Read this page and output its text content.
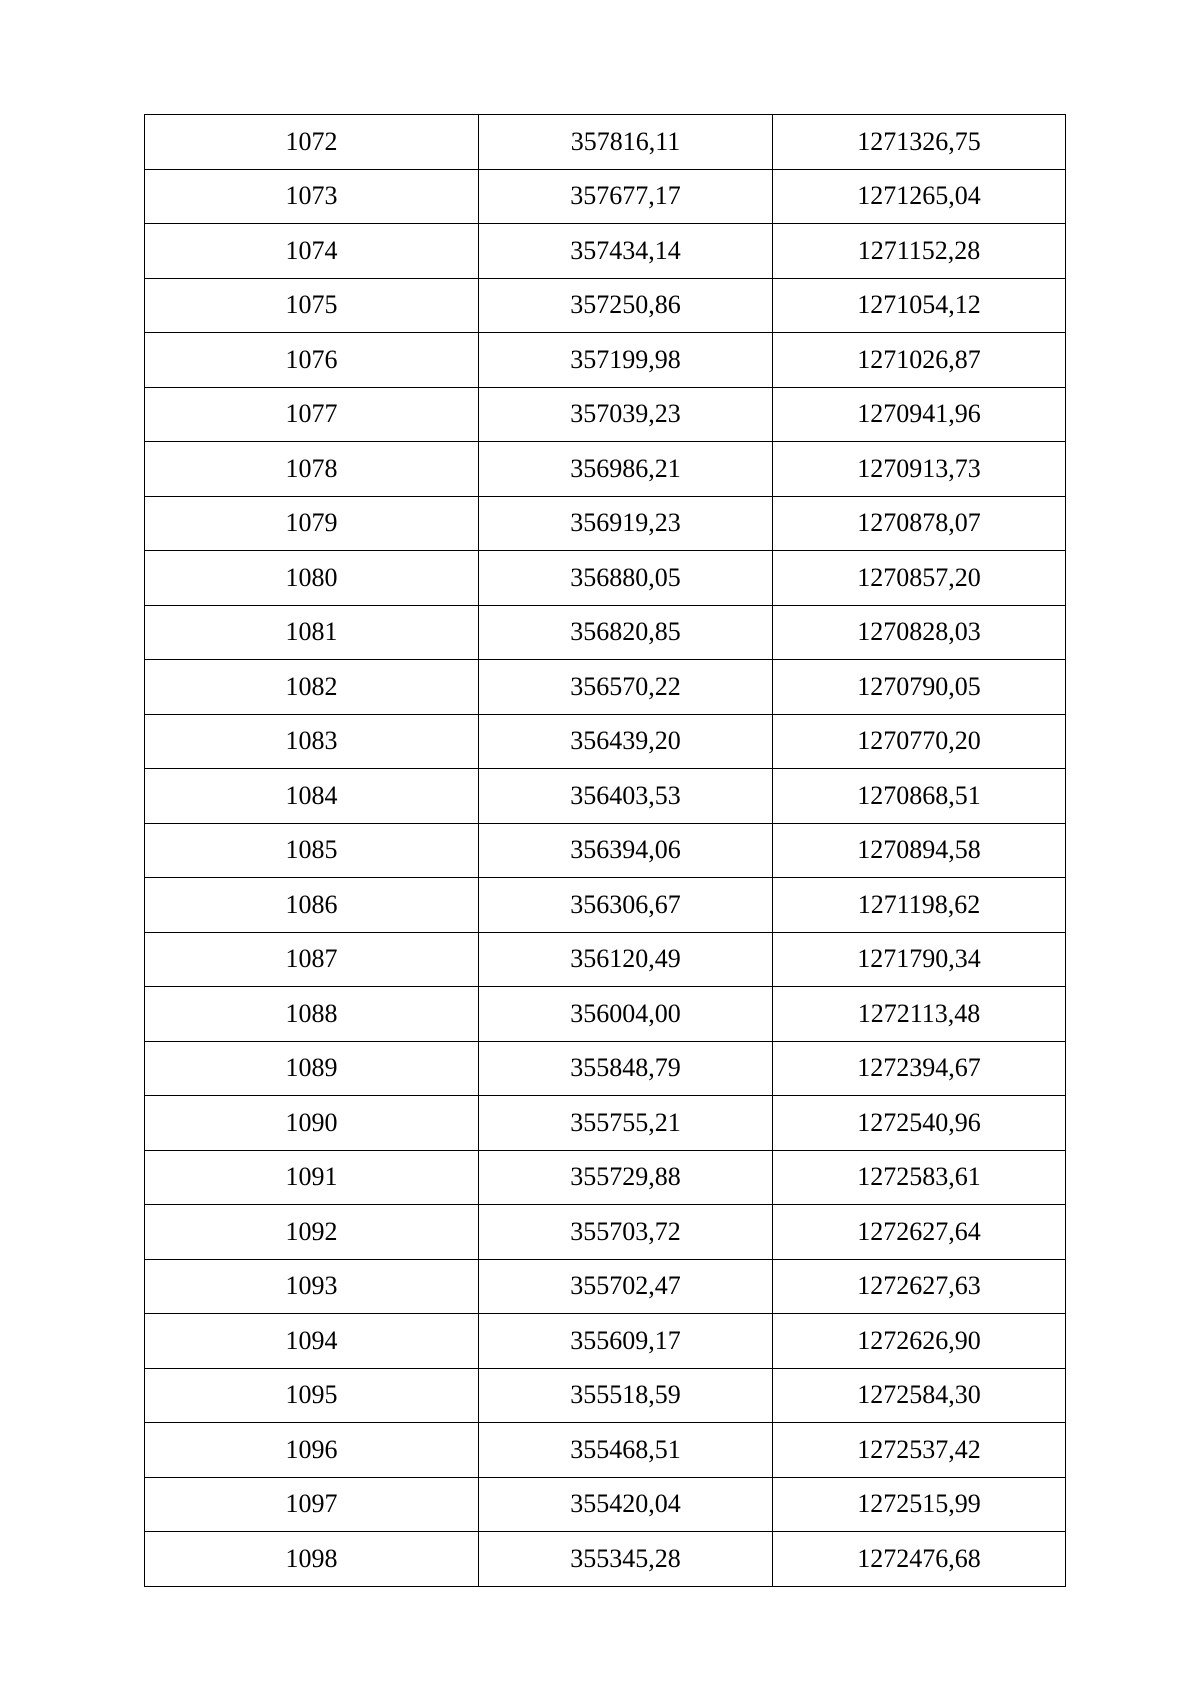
1072	357816,11	1271326,75
1073	357677,17	1271265,04
1074	357434,14	1271152,28
1075	357250,86	1271054,12
1076	357199,98	1271026,87
1077	357039,23	1270941,96
1078	356986,21	1270913,73
1079	356919,23	1270878,07
1080	356880,05	1270857,20
1081	356820,85	1270828,03
1082	356570,22	1270790,05
1083	356439,20	1270770,20
1084	356403,53	1270868,51
1085	356394,06	1270894,58
1086	356306,67	1271198,62
1087	356120,49	1271790,34
1088	356004,00	1272113,48
1089	355848,79	1272394,67
1090	355755,21	1272540,96
1091	355729,88	1272583,61
1092	355703,72	1272627,64
1093	355702,47	1272627,63
1094	355609,17	1272626,90
1095	355518,59	1272584,30
1096	355468,51	1272537,42
1097	355420,04	1272515,99
1098	355345,28	1272476,68
